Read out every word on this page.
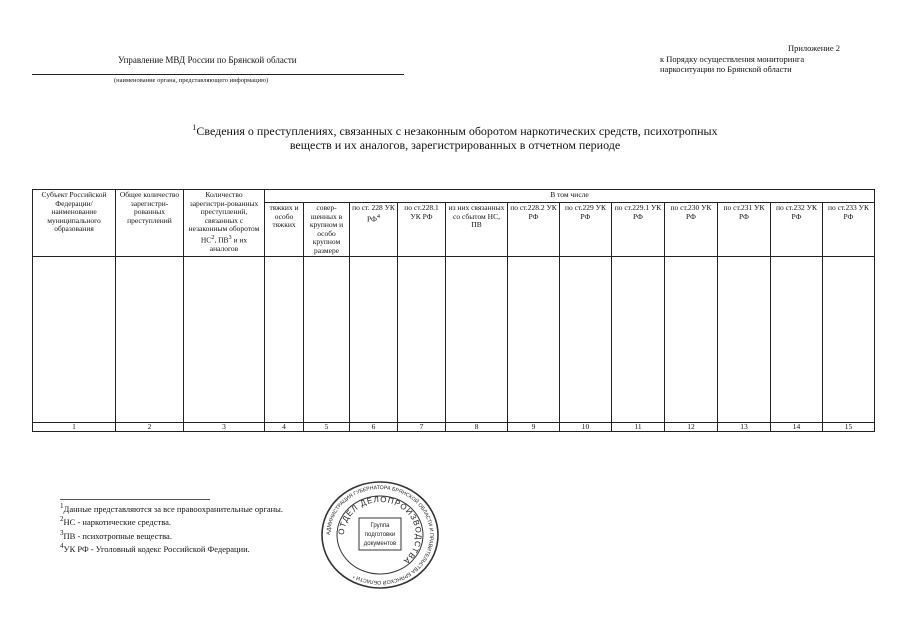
Управление МВД России по Брянской области
(наименование органа, представляющего информацию)
Приложение 2
к Порядку осуществления мониторинга
наркоситуации по Брянской области
$^1$Сведения о преступлениях, связанных с незаконным оборотом наркотических средств, психотропных
веществ и их аналогов, зарегистрированных в отчетном периоде
Субъект Российской Федерации/ наименование муниципального образования	Общее количество зарегистри-рованных преступлений	Количество зарегистри-рованных преступлений, связанных с незаконным оборотом $НС^2$, $ПВ^3$ и их аналогов	В том числе											
			тяжких и особо тяжких	совер-шенных в крупном и особо крупном размере	по ст. 228 УК $РФ^4$	по ст.228.1 УК РФ	из них связанных со сбытом НС, ПВ	по ст.228.2 УК РФ	по ст.229 УК РФ	по ст.229.1 УК РФ	по ст.230 УК РФ	по ст.231 УК РФ	по ст.232 УК РФ	по ст.233 УК РФ

1	2	3	4	5	6	7	8	9	10	11	12	13	14	15
$^1$Данные представляются за все правоохранительные органы.
$^2$НС - наркотические средства.
$^3$ПВ - психотропные вещества.
$^4$УК РФ - Уголовный кодекс Российской Федерации.
АДМИНИСТРАЦИЯ ГУБЕРНАТОРА БРЯНСКОЙ ОБЛАСТИ И ПРАВИТЕЛЬСТВА БРЯНСКОЙ ОБЛАСТИ *
ОТДЕЛ ДЕЛОПРОИЗВОДСТВА
Группа
подготовки
документов
